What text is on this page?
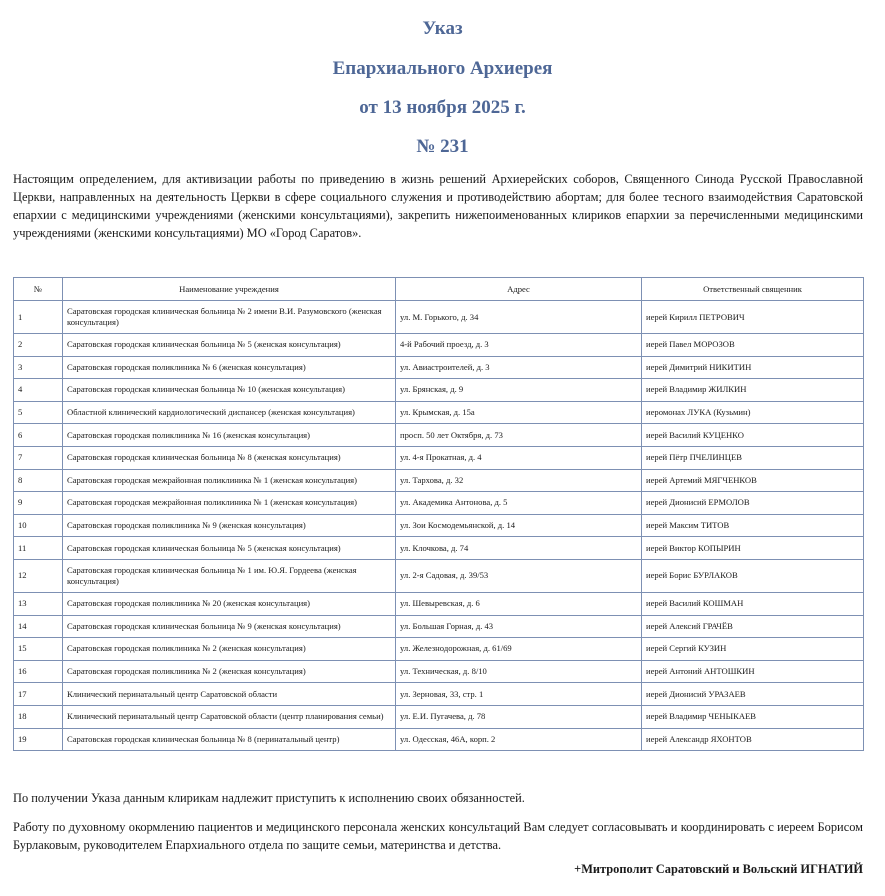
Указ
Епархиального Архиерея
от 13 ноября 2025 г.
№ 231

Настоящим определением, для активизации работы по приведению в жизнь решений Архиерейских соборов, Священного Синода Русской Православной Церкви, направленных на деятельность Церкви в сфере социального служения и противодействию абортам; для более тесного взаимодействия Саратовской епархии с медицинскими учреждениями (женскими консультациями), закрепить нижепоименованных клириков епархии за перечисленными медицинскими учреждениями (женскими консультациями) МО «Город Саратов».

№	Наименование учреждения	Адрес	Ответственный священник
1	Саратовская городская клиническая больница № 2 имени В.И. Разумовского (женская консультация)	ул. М. Горького, д. 34	иерей Кирилл ПЕТРОВИЧ
2	Саратовская городская клиническая больница № 5 (женская консультация)	4-й Рабочий проезд, д. 3	иерей Павел МОРОЗОВ
3	Саратовская городская поликлиника № 6 (женская консультация)	ул. Авиастроителей, д. 3	иерей Димитрий НИКИТИН
4	Саратовская городская клиническая больница № 10 (женская консультация)	ул. Брянская, д. 9	иерей Владимир ЖИЛКИН
5	Областной клинический кардиологический диспансер (женская консультация)	ул. Крымская, д. 15а	иеромонах ЛУКА (Кузьмин)
6	Саратовская городская поликлиника № 16 (женская консультация)	просп. 50 лет Октября, д. 73	иерей Василий КУЦЕНКО
7	Саратовская городская клиническая больница № 8 (женская консультация)	ул. 4-я Прокатная, д. 4	иерей Пётр ПЧЕЛИНЦЕВ
8	Саратовская городская межрайонная поликлиника № 1 (женская консультация)	ул. Тархова, д. 32	иерей Артемий МЯГЧЕНКОВ
9	Саратовская городская межрайонная поликлиника № 1 (женская консультация)	ул. Академика Антонова, д. 5	иерей Дионисий ЕРМОЛОВ
10	Саратовская городская поликлиника № 9 (женская консультация)	ул. Зои Космодемьянской, д. 14	иерей Максим ТИТОВ
11	Саратовская городская клиническая больница № 5 (женская консультация)	ул. Клочкова, д. 74	иерей Виктор КОПЫРИН
12	Саратовская городская клиническая больница № 1 им. Ю.Я. Гордеева (женская консультация)	ул. 2-я Садовая, д. 39/53	иерей Борис БУРЛАКОВ
13	Саратовская городская поликлиника № 20 (женская консультация)	ул. Шевыревская, д. 6	иерей Василий КОШМАН
14	Саратовская городская клиническая больница № 9 (женская консультация)	ул. Большая Горная, д. 43	иерей Алексий ГРАЧЁВ
15	Саратовская городская поликлиника № 2 (женская консультация)	ул. Железнодорожная, д. 61/69	иерей Сергий КУЗИН
16	Саратовская городская поликлиника № 2 (женская консультация)	ул. Техническая, д. 8/10	иерей Антоний АНТОШКИН
17	Клинический перинатальный центр Саратовской области	ул. Зерновая, 33, стр. 1	иерей Дионисий УРАЗАЕВ
18	Клинический перинатальный центр Саратовской области (центр планирования семьи)	ул. Е.И. Пугачева, д. 78	иерей Владимир ЧЕНЫКАЕВ
19	Саратовская городская клиническая больница № 8 (перинатальный центр)	ул. Одесская, 46А, корп. 2	иерей Александр ЯХОНТОВ

По получении Указа данным клирикам надлежит приступить к исполнению своих обязанностей.

Работу по духовному окормлению пациентов и медицинского персонала женских консультаций Вам следует согласовывать и координировать с иереем Борисом Бурлаковым, руководителем Епархиального отдела по защите семьи, материнства и детства.

+Митрополит Саратовский и Вольский ИГНАТИЙ
